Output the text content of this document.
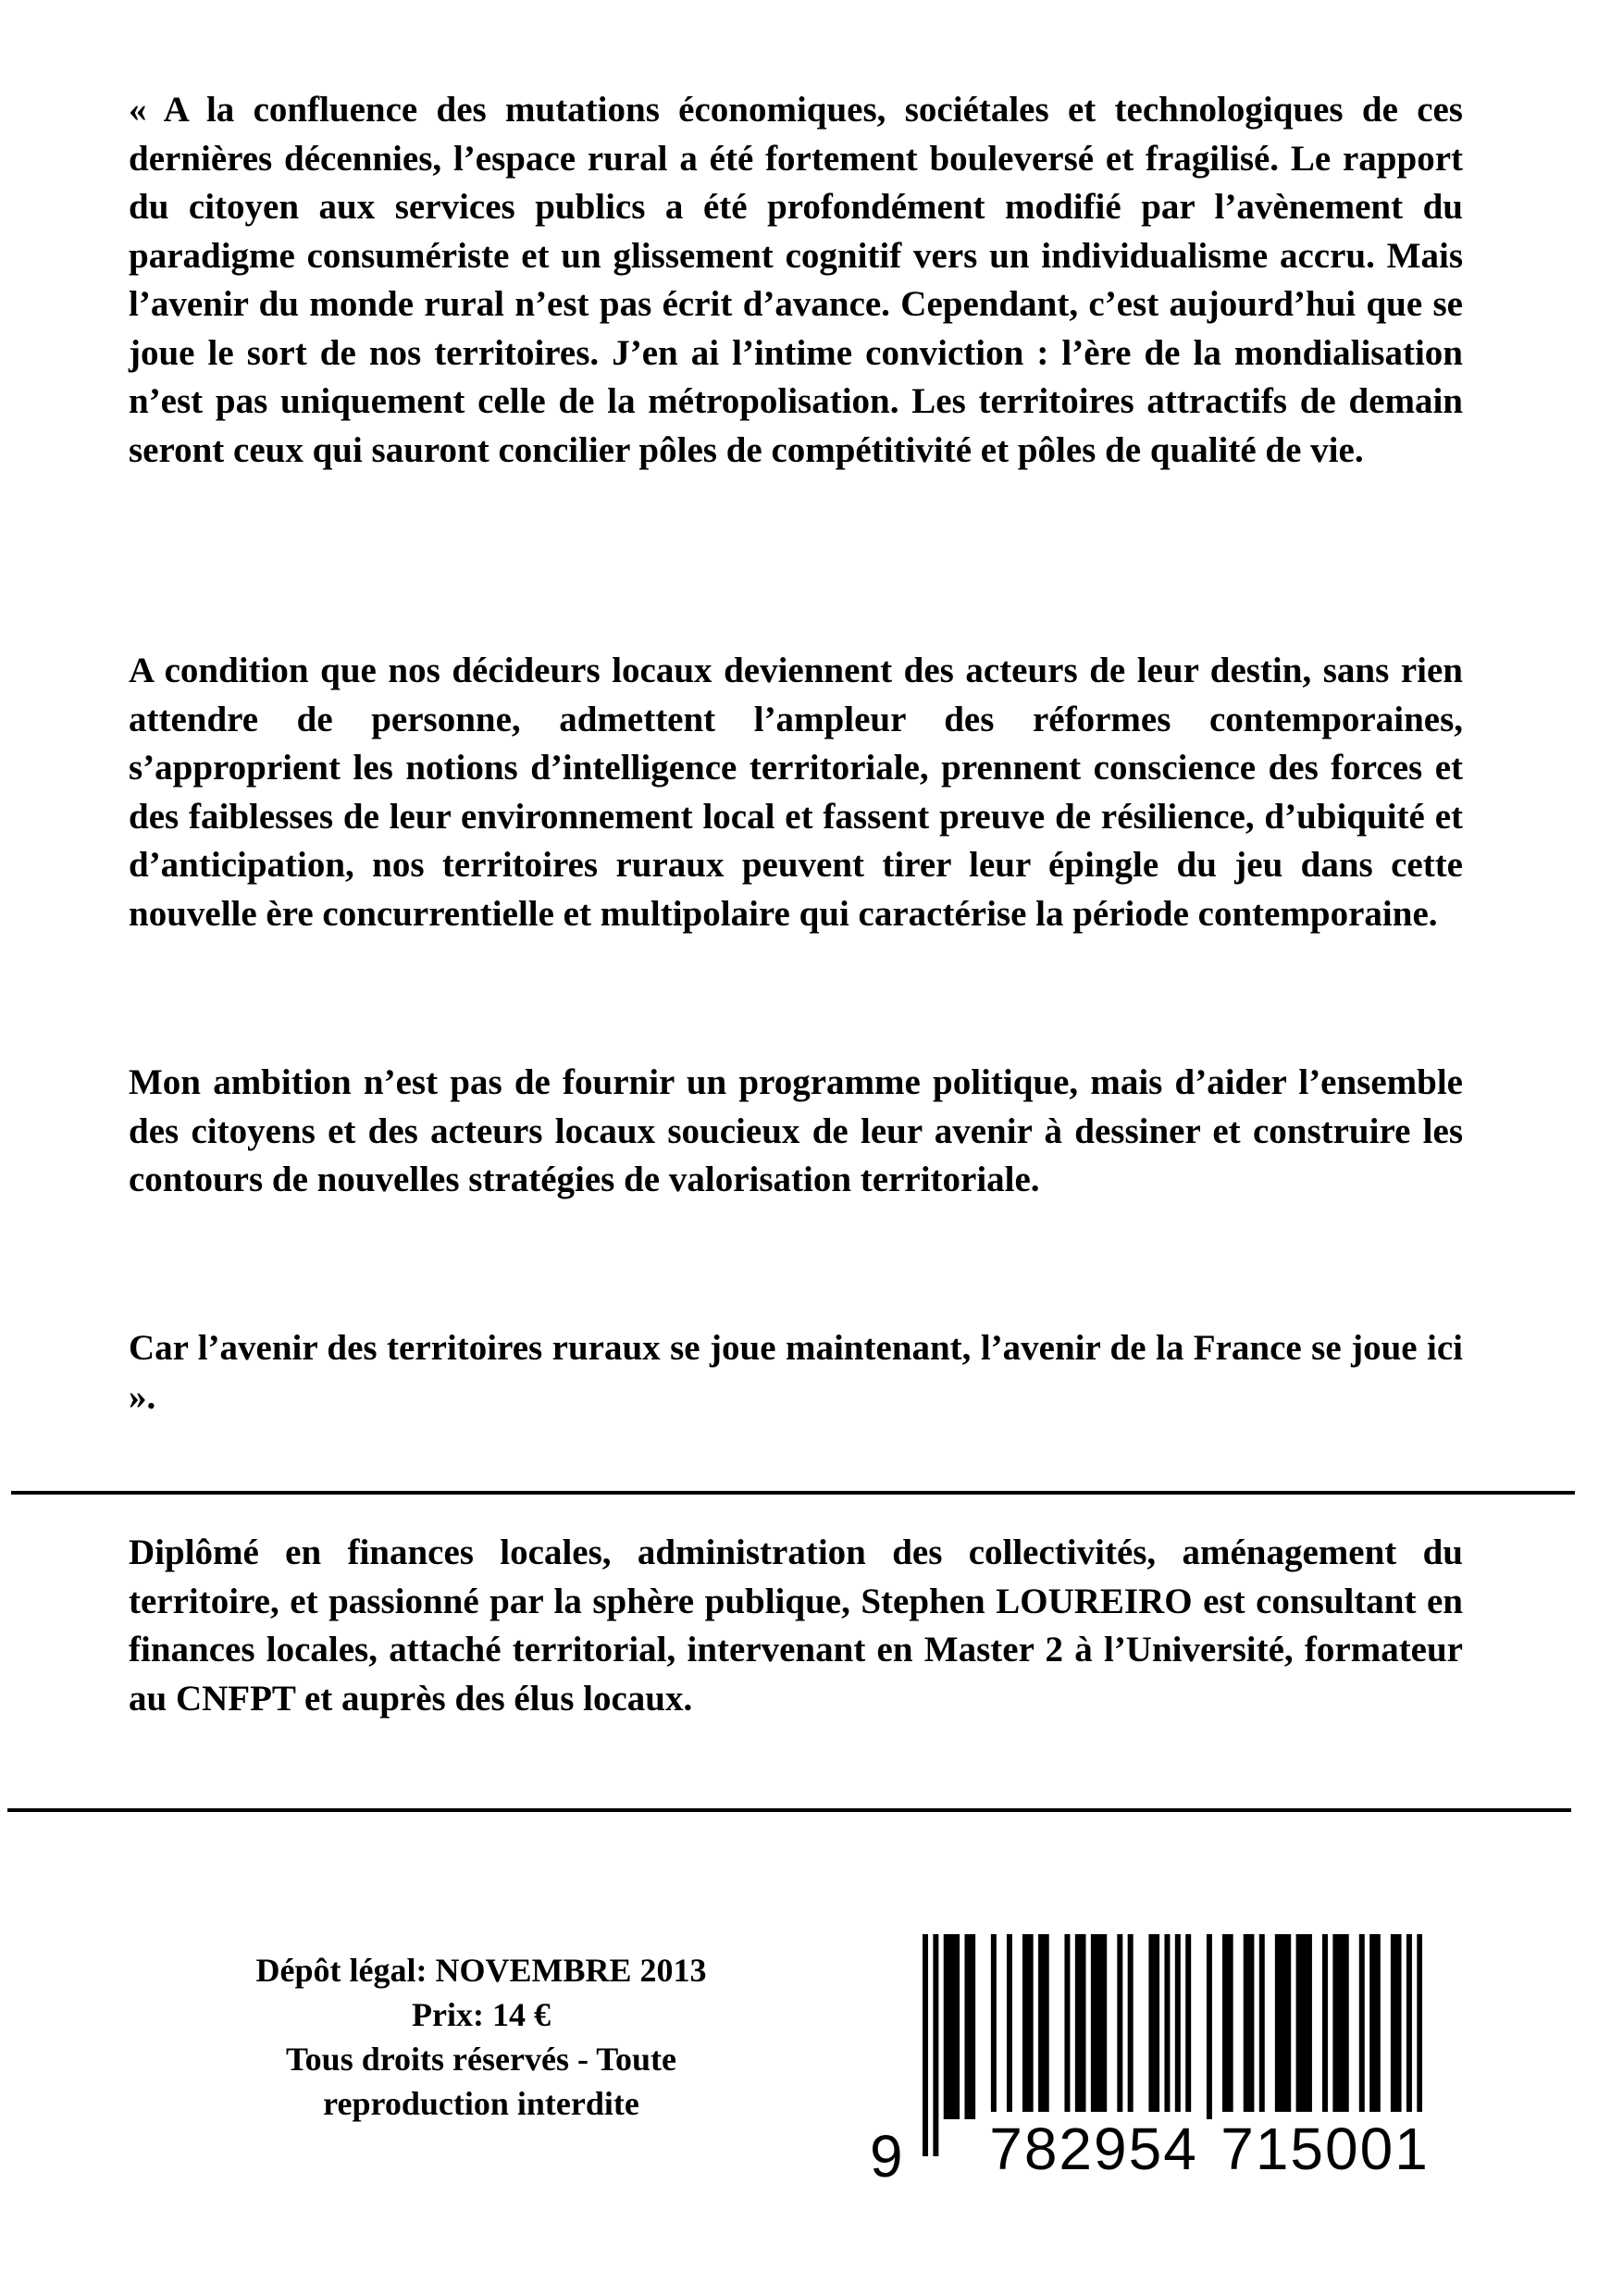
« A la confluence des mutations économiques, sociétales et technologiques de ces dernières décennies, l’espace rural a été fortement bouleversé et fragilisé. Le rapport du citoyen aux services publics a été profondément modifié par l’avènement du paradigme consumériste et un glissement cognitif vers un individualisme accru. Mais l’avenir du monde rural n’est pas écrit d’avance. Cependant, c’est aujourd’hui que se joue le sort de nos territoires. J’en ai l’intime conviction : l’ère de la mondialisation n’est pas uniquement celle de la métropolisation. Les territoires attractifs de demain seront ceux qui sauront concilier pôles de compétitivité et pôles de qualité de vie.
A condition que nos décideurs locaux deviennent des acteurs de leur destin, sans rien attendre de personne, admettent l’ampleur des réformes contemporaines, s’approprient les notions d’intelligence territoriale, prennent conscience des forces et des faiblesses de leur environnement local et fassent preuve de résilience, d’ubiquité et d’anticipation, nos territoires ruraux peuvent tirer leur épingle du jeu dans cette nouvelle ère concurrentielle et multipolaire qui caractérise la période contemporaine.
Mon ambition n’est pas de fournir un programme politique, mais d’aider l’ensemble des citoyens et des acteurs locaux soucieux de leur avenir à dessiner et construire les contours de nouvelles stratégies de valorisation territoriale.
Car l’avenir des territoires ruraux se joue maintenant, l’avenir de la France se joue ici ».
Diplômé en finances locales, administration des collectivités, aménagement du territoire, et passionné par la sphère publique, Stephen LOUREIRO est consultant en finances locales, attaché territorial, intervenant en Master 2 à l’Université, formateur au CNFPT et auprès des élus locaux.
Dépôt légal: NOVEMBRE 2013
Prix: 14 €
Tous droits réservés - Toute
reproduction interdite
9 782954 715001
